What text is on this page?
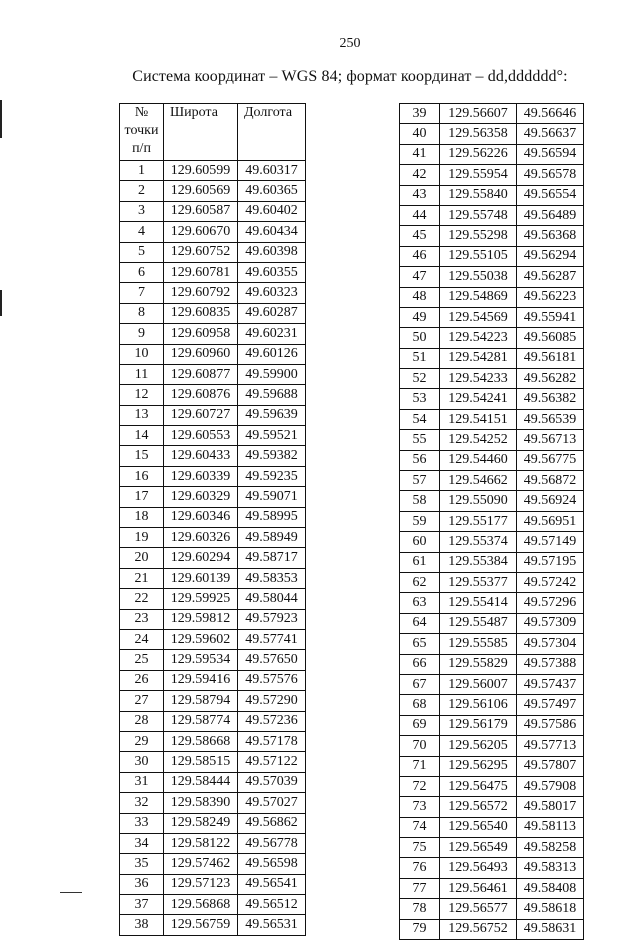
250
Система координат – WGS 84; формат координат – dd,dddddd°:
№
точки
п/п	Широта	Долгота
1	129.60599	49.60317
2	129.60569	49.60365
3	129.60587	49.60402
4	129.60670	49.60434
5	129.60752	49.60398
6	129.60781	49.60355
7	129.60792	49.60323
8	129.60835	49.60287
9	129.60958	49.60231
10	129.60960	49.60126
11	129.60877	49.59900
12	129.60876	49.59688
13	129.60727	49.59639
14	129.60553	49.59521
15	129.60433	49.59382
16	129.60339	49.59235
17	129.60329	49.59071
18	129.60346	49.58995
19	129.60326	49.58949
20	129.60294	49.58717
21	129.60139	49.58353
22	129.59925	49.58044
23	129.59812	49.57923
24	129.59602	49.57741
25	129.59534	49.57650
26	129.59416	49.57576
27	129.58794	49.57290
28	129.58774	49.57236
29	129.58668	49.57178
30	129.58515	49.57122
31	129.58444	49.57039
32	129.58390	49.57027
33	129.58249	49.56862
34	129.58122	49.56778
35	129.57462	49.56598
36	129.57123	49.56541
37	129.56868	49.56512
38	129.56759	49.56531
39	129.56607	49.56646
40	129.56358	49.56637
41	129.56226	49.56594
42	129.55954	49.56578
43	129.55840	49.56554
44	129.55748	49.56489
45	129.55298	49.56368
46	129.55105	49.56294
47	129.55038	49.56287
48	129.54869	49.56223
49	129.54569	49.55941
50	129.54223	49.56085
51	129.54281	49.56181
52	129.54233	49.56282
53	129.54241	49.56382
54	129.54151	49.56539
55	129.54252	49.56713
56	129.54460	49.56775
57	129.54662	49.56872
58	129.55090	49.56924
59	129.55177	49.56951
60	129.55374	49.57149
61	129.55384	49.57195
62	129.55377	49.57242
63	129.55414	49.57296
64	129.55487	49.57309
65	129.55585	49.57304
66	129.55829	49.57388
67	129.56007	49.57437
68	129.56106	49.57497
69	129.56179	49.57586
70	129.56205	49.57713
71	129.56295	49.57807
72	129.56475	49.57908
73	129.56572	49.58017
74	129.56540	49.58113
75	129.56549	49.58258
76	129.56493	49.58313
77	129.56461	49.58408
78	129.56577	49.58618
79	129.56752	49.58631
